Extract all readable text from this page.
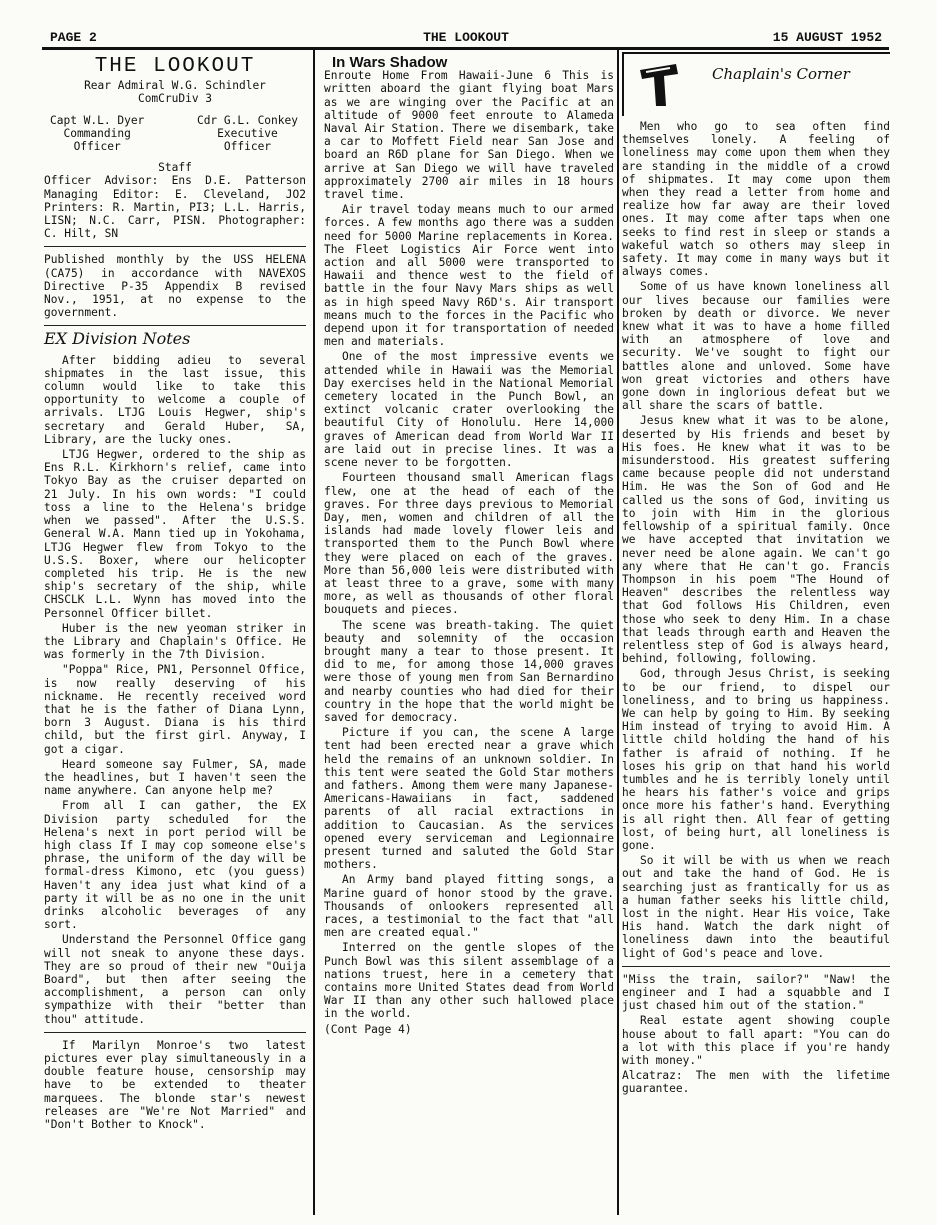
PAGE 2	THE LOOKOUT	15 AUGUST 1952
THE LOOKOUT
Rear Admiral W.G. Schindler
ComCruDiv 3
Capt W.L. Dyer
Commanding
Officer
Cdr G.L. Conkey
Executive
Officer
Staff

Officer Advisor: Ens D.E. Patterson Managing Editor: E. Cleveland, JO2 Printers: R. Martin, PI3; L.L. Harris, LISN; N.C. Carr, PISN. Photographer: C. Hilt, SN

Published monthly by the USS HELENA (CA75) in accordance with NAVEXOS Directive P-35 Appendix B revised Nov., 1951, at no expense to the government.

EX Division Notes

After bidding adieu to several shipmates in the last issue, this column would like to take this opportunity to welcome a couple of arrivals. LTJG Louis Hegwer, ship's secretary and Gerald Huber, SA, Library, are the lucky ones.

LTJG Hegwer, ordered to the ship as Ens R.L. Kirkhorn's relief, came into Tokyo Bay as the cruiser departed on 21 July. In his own words: "I could toss a line to the Helena's bridge when we passed". After the U.S.S. General W.A. Mann tied up in Yokohama, LTJG Hegwer flew from Tokyo to the U.S.S. Boxer, where our helicopter completed his trip. He is the new ship's secretary of the ship, while CHSCLK L.L. Wynn has moved into the Personnel Officer billet.

Huber is the new yeoman striker in the Library and Chaplain's Office. He was formerly in the 7th Division.

"Poppa" Rice, PN1, Personnel Office, is now really deserving of his nickname. He recently received word that he is the father of Diana Lynn, born 3 August. Diana is his third child, but the first girl. Anyway, I got a cigar.

Heard someone say Fulmer, SA, made the headlines, but I haven't seen the name anywhere. Can anyone help me?

From all I can gather, the EX Division party scheduled for the Helena's next in port period will be high class If I may cop someone else's phrase, the uniform of the day will be formal-dress Kimono, etc (you guess) Haven't any idea just what kind of a party it will be as no one in the unit drinks alcoholic beverages of any sort.

Understand the Personnel Office gang will not sneak to anyone these days. They are so proud of their new "Ouija Board", but then after seeing the accomplishment, a person can only sympathize with their "better than thou" attitude.

If Marilyn Monroe's two latest pictures ever play simultaneously in a double feature house, censorship may have to be extended to theater marquees. The blonde star's newest releases are "We're Not Married" and "Don't Bother to Knock".

In Wars Shadow

Enroute Home From Hawaii-June 6 This is written aboard the giant flying boat Mars as we are winging over the Pacific at an altitude of 9000 feet enroute to Alameda Naval Air Station. There we disembark, take a car to Moffett Field near San Jose and board an R6D plane for San Diego. When we arrive at San Diego we will have traveled approximately 2700 air miles in 18 hours travel time.

Air travel today means much to our armed forces. A few months ago there was a sudden need for 5000 Marine replacements in Korea. The Fleet Logistics Air Force went into action and all 5000 were transported to Hawaii and thence west to the field of battle in the four Navy Mars ships as well as in high speed Navy R6D's. Air transport means much to the forces in the Pacific who depend upon it for transportation of needed men and materials.

One of the most impressive events we attended while in Hawaii was the Memorial Day exercises held in the National Memorial cemetery located in the Punch Bowl, an extinct volcanic crater overlooking the beautiful City of Honolulu. Here 14,000 graves of American dead from World War II are laid out in precise lines. It was a scene never to be forgotten.

Fourteen thousand small American flags flew, one at the head of each of the graves. For three days previous to Memorial Day, men, women and children of all the islands had made lovely flower leis and transported them to the Punch Bowl where they were placed on each of the graves. More than 56,000 leis were distributed with at least three to a grave, some with many more, as well as thousands of other floral bouquets and pieces.

The scene was breath-taking. The quiet beauty and solemnity of the occasion brought many a tear to those present. It did to me, for among those 14,000 graves were those of young men from San Bernardino and nearby counties who had died for their country in the hope that the world might be saved for democracy.

Picture if you can, the scene A large tent had been erected near a grave which held the remains of an unknown soldier. In this tent were seated the Gold Star mothers and fathers. Among them were many Japanese-Americans-Hawaiians in fact, saddened parents of all racial extractions in addition to Caucasian. As the services opened every serviceman and Legionnaire present turned and saluted the Gold Star mothers.

An Army band played fitting songs, a Marine guard of honor stood by the grave. Thousands of onlookers represented all races, a testimonial to the fact that "all men are created equal."

Interred on the gentle slopes of the Punch Bowl was this silent assemblage of a nations truest, here in a cemetery that contains more United States dead from World War II than any other such hallowed place in the world.

(Cont Page 4)
Chaplain's Corner

Men who go to sea often find themselves lonely. A feeling of loneliness may come upon them when they are standing in the middle of a crowd of shipmates. It may come upon them when they read a letter from home and realize how far away are their loved ones. It may come after taps when one seeks to find rest in sleep or stands a wakeful watch so others may sleep in safety. It may come in many ways but it always comes.

Some of us have known loneliness all our lives because our families were broken by death or divorce. We never knew what it was to have a home filled with an atmosphere of love and security. We've sought to fight our battles alone and unloved. Some have won great victories and others have gone down in inglorious defeat but we all share the scars of battle.

Jesus knew what it was to be alone, deserted by His friends and beset by His foes. He knew what it was to be misunderstood. His greatest suffering came because people did not understand Him. He was the Son of God and He called us the sons of God, inviting us to join with Him in the glorious fellowship of a spiritual family. Once we have accepted that invitation we never need be alone again. We can't go any where that He can't go. Francis Thompson in his poem "The Hound of Heaven" describes the relentless way that God follows His Children, even those who seek to deny Him. In a chase that leads through earth and Heaven the relentless step of God is always heard, behind, following, following.

God, through Jesus Christ, is seeking to be our friend, to dispel our loneliness, and to bring us happiness. We can help by going to Him. By seeking Him instead of trying to avoid Him. A little child holding the hand of his father is afraid of nothing. If he loses his grip on that hand his world tumbles and he is terribly lonely until he hears his father's voice and grips once more his father's hand. Everything is all right then. All fear of getting lost, of being hurt, all loneliness is gone.

So it will be with us when we reach out and take the hand of God. He is searching just as frantically for us as a human father seeks his little child, lost in the night. Hear His voice, Take His hand. Watch the dark night of loneliness dawn into the beautiful light of God's peace and love.

"Miss the train, sailor?" "Naw! the engineer and I had a squabble and I just chased him out of the station."

Real estate agent showing couple house about to fall apart: "You can do a lot with this place if you're handy with money."

Alcatraz: The men with the lifetime guarantee.
